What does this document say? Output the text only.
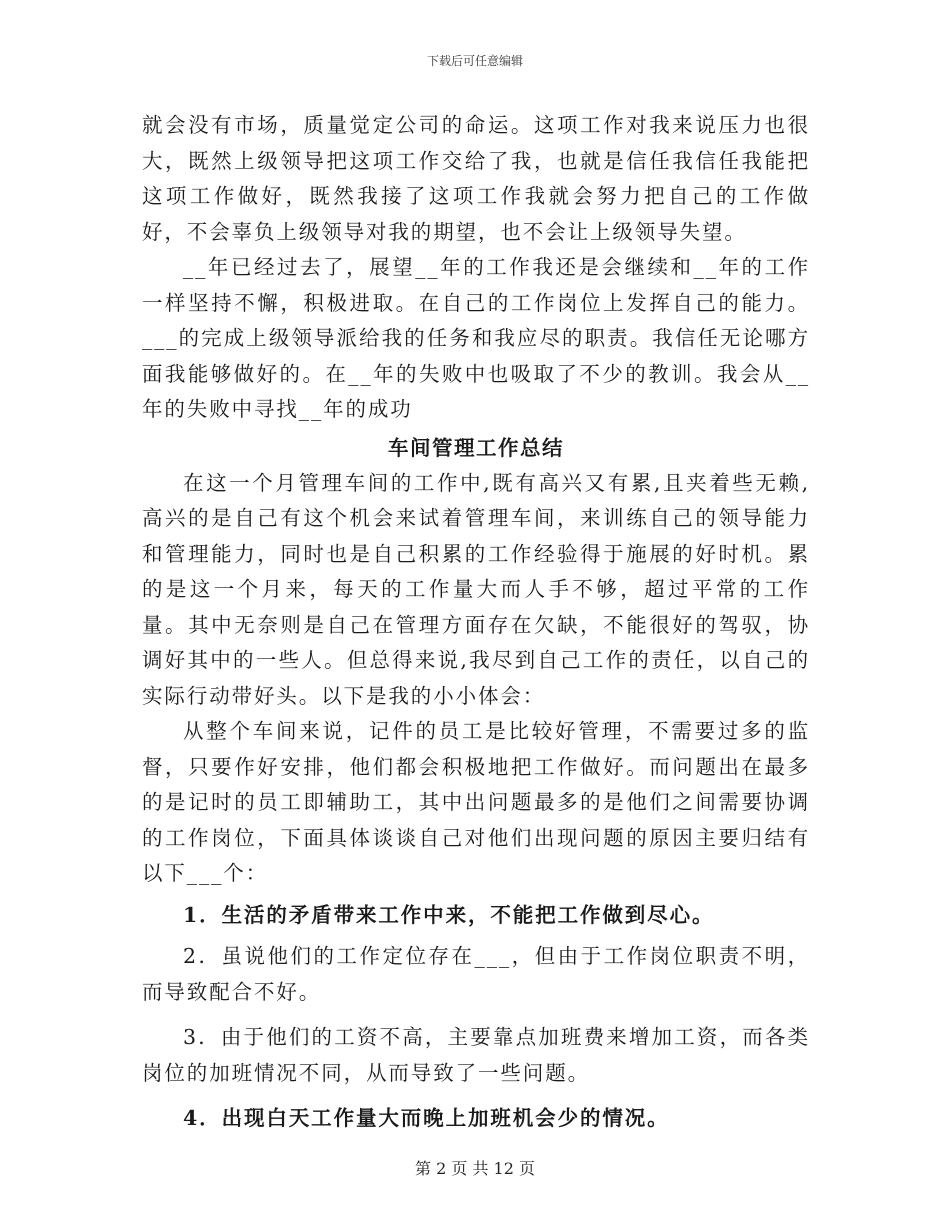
下载后可任意编辑

就会没有市场，质量觉定公司的命运。这项工作对我来说压力也很大，既然上级领导把这项工作交给了我，也就是信任我信任我能把这项工作做好，既然我接了这项工作我就会努力把自己的工作做好，不会辜负上级领导对我的期望，也不会让上级领导失望。

__年已经过去了，展望__年的工作我还是会继续和__年的工作一样坚持不懈，积极进取。在自己的工作岗位上发挥自己的能力。___的完成上级领导派给我的任务和我应尽的职责。我信任无论哪方面我能够做好的。在__年的失败中也吸取了不少的教训。我会从__年的失败中寻找__年的成功

车间管理工作总结

在这一个月管理车间的工作中,既有高兴又有累,且夹着些无赖,高兴的是自己有这个机会来试着管理车间，来训练自己的领导能力和管理能力，同时也是自己积累的工作经验得于施展的好时机。累的是这一个月来，每天的工作量大而人手不够，超过平常的工作量。其中无奈则是自己在管理方面存在欠缺，不能很好的驾驭，协调好其中的一些人。但总得来说,我尽到自己工作的责任，以自己的实际行动带好头。以下是我的小小体会：

从整个车间来说，记件的员工是比较好管理，不需要过多的监督，只要作好安排，他们都会积极地把工作做好。而问题出在最多的是记时的员工即辅助工，其中出问题最多的是他们之间需要协调的工作岗位，下面具体谈谈自己对他们出现问题的原因主要归结有以下___个：

1．生活的矛盾带来工作中来，不能把工作做到尽心。

2．虽说他们的工作定位存在___，但由于工作岗位职责不明，而导致配合不好。

3．由于他们的工资不高，主要靠点加班费来增加工资，而各类岗位的加班情况不同，从而导致了一些问题。

4．出现白天工作量大而晚上加班机会少的情况。

第 2 页 共 12 页
